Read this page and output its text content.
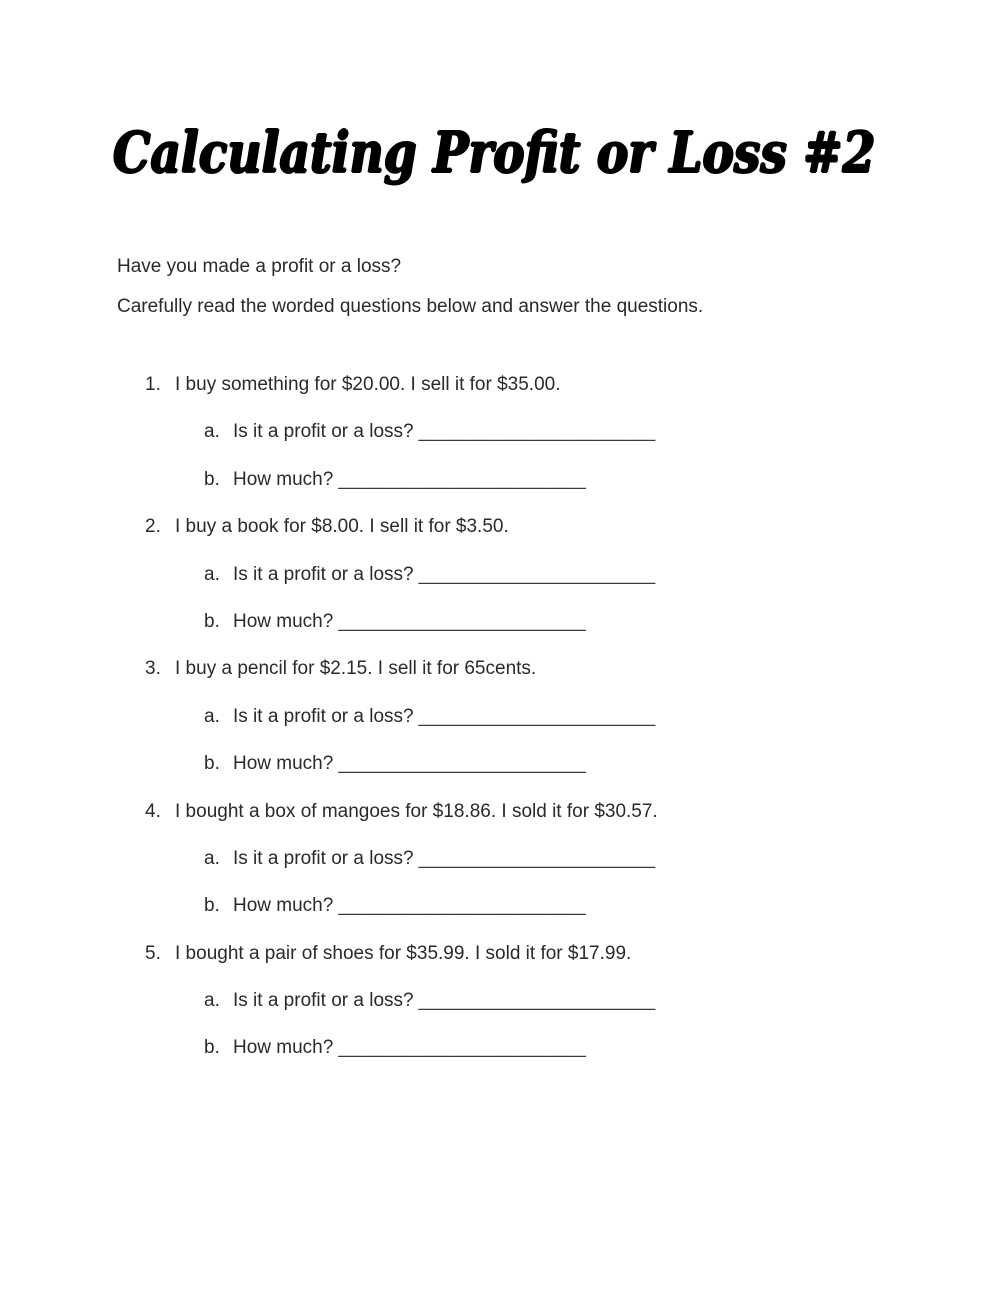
Calculating Profit or Loss #2

Have you made a profit or a loss?

Carefully read the worded questions below and answer the questions.

1. I buy something for $20.00. I sell it for $35.00.
a. Is it a profit or a loss? ______________________
b. How much? _______________________
2. I buy a book for $8.00. I sell it for $3.50.
a. Is it a profit or a loss? ______________________
b. How much? _______________________
3. I buy a pencil for $2.15. I sell it for 65cents.
a. Is it a profit or a loss? ______________________
b. How much? _______________________
4. I bought a box of mangoes for $18.86. I sold it for $30.57.
a. Is it a profit or a loss? ______________________
b. How much? _______________________
5. I bought a pair of shoes for $35.99. I sold it for $17.99.
a. Is it a profit or a loss? ______________________
b. How much? _______________________
